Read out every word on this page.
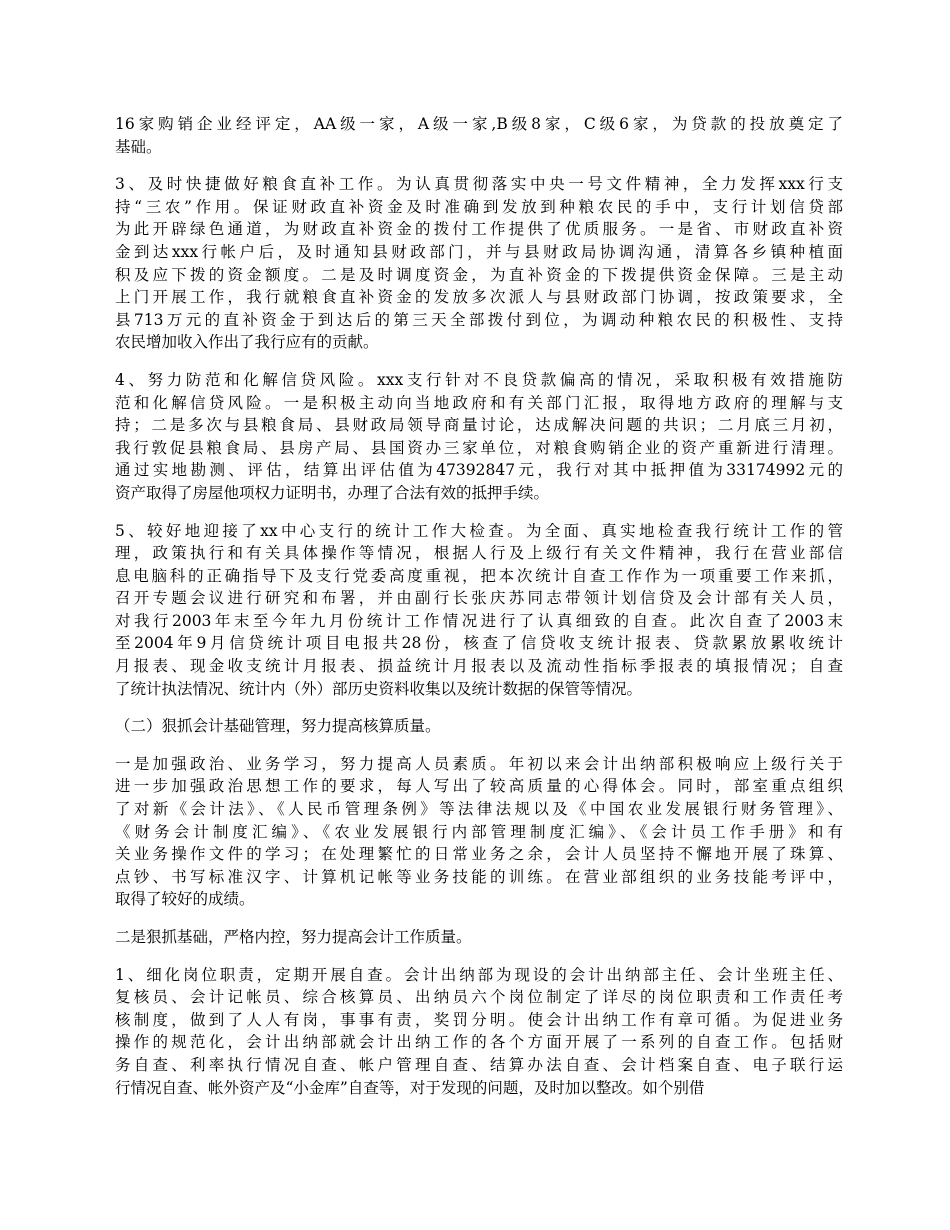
16家购销企业经评定，AA级一家，A级一家,B级8家，C级6家，为贷款的投放奠定了
基础。

3、及时快捷做好粮食直补工作。为认真贯彻落实中央一号文件精神，全力发挥xxx行支
持“三农”作用。保证财政直补资金及时准确到发放到种粮农民的手中，支行计划信贷部
为此开辟绿色通道，为财政直补资金的拨付工作提供了优质服务。一是省、市财政直补资
金到达xxx行帐户后，及时通知县财政部门，并与县财政局协调沟通，清算各乡镇种植面
积及应下拨的资金额度。二是及时调度资金，为直补资金的下拨提供资金保障。三是主动
上门开展工作，我行就粮食直补资金的发放多次派人与县财政部门协调，按政策要求，全
县713万元的直补资金于到达后的第三天全部拨付到位，为调动种粮农民的积极性、支持
农民增加收入作出了我行应有的贡献。

4、努力防范和化解信贷风险。xxx支行针对不良贷款偏高的情况，采取积极有效措施防
范和化解信贷风险。一是积极主动向当地政府和有关部门汇报，取得地方政府的理解与支
持；二是多次与县粮食局、县财政局领导商量讨论，达成解决问题的共识；二月底三月初，
我行敦促县粮食局、县房产局、县国资办三家单位，对粮食购销企业的资产重新进行清理。
通过实地勘测、评估，结算出评估值为47392847元，我行对其中抵押值为33174992元的
资产取得了房屋他项权力证明书，办理了合法有效的抵押手续。

5、较好地迎接了xx中心支行的统计工作大检查。为全面、真实地检查我行统计工作的管
理，政策执行和有关具体操作等情况，根据人行及上级行有关文件精神，我行在营业部信
息电脑科的正确指导下及支行党委高度重视，把本次统计自查工作作为一项重要工作来抓，
召开专题会议进行研究和布署，并由副行长张庆苏同志带领计划信贷及会计部有关人员，
对我行2003年末至今年九月份统计工作情况进行了认真细致的自查。此次自查了2003末
至2004年9月信贷统计项目电报共28份，核查了信贷收支统计报表、贷款累放累收统计
月报表、现金收支统计月报表、损益统计月报表以及流动性指标季报表的填报情况；自查
了统计执法情况、统计内（外）部历史资料收集以及统计数据的保管等情况。

（二）狠抓会计基础管理，努力提高核算质量。

一是加强政治、业务学习，努力提高人员素质。年初以来会计出纳部积极响应上级行关于
进一步加强政治思想工作的要求，每人写出了较高质量的心得体会。同时，部室重点组织
了对新《会计法》、《人民币管理条例》等法律法规以及《中国农业发展银行财务管理》、
《财务会计制度汇编》、《农业发展银行内部管理制度汇编》、《会计员工作手册》和有
关业务操作文件的学习；在处理繁忙的日常业务之余，会计人员坚持不懈地开展了珠算、
点钞、书写标准汉字、计算机记帐等业务技能的训练。在营业部组织的业务技能考评中，
取得了较好的成绩。

二是狠抓基础，严格内控，努力提高会计工作质量。

1、细化岗位职责，定期开展自查。会计出纳部为现设的会计出纳部主任、会计坐班主任、
复核员、会计记帐员、综合核算员、出纳员六个岗位制定了详尽的岗位职责和工作责任考
核制度，做到了人人有岗，事事有责，奖罚分明。使会计出纳工作有章可循。为促进业务
操作的规范化，会计出纳部就会计出纳工作的各个方面开展了一系列的自查工作。包括财
务自查、利率执行情况自查、帐户管理自查、结算办法自查、会计档案自查、电子联行运
行情况自查、帐外资产及“小金库”自查等，对于发现的问题，及时加以整改。如个别借
